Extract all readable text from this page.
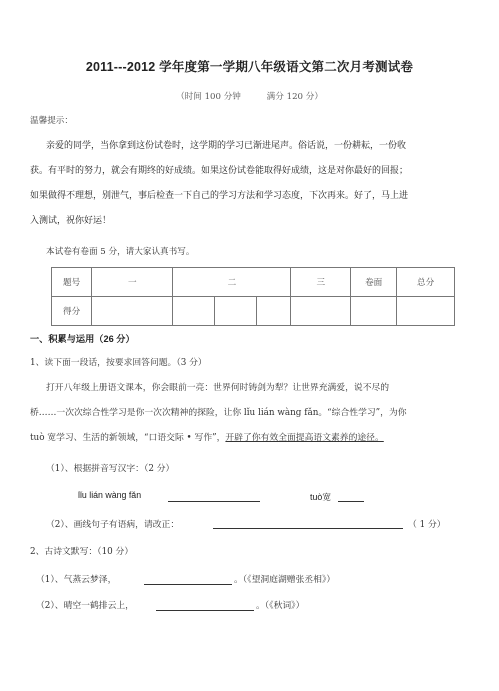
2011---2012 学年度第一学期八年级语文第二次月考测试卷
（时间 100 分钟　　　满分 120 分）
温馨提示：
亲爱的同学，当你拿到这份试卷时，这学期的学习已渐进尾声。俗话说，一份耕耘，一份收
获。有平时的努力，就会有期终的好成绩。如果这份试卷能取得好成绩，这是对你最好的回报；
如果做得不理想，别泄气，事后检查一下自己的学习方法和学习态度，下次再来。好了，马上进
入测试，祝你好运！
本试卷有卷面 5 分，请大家认真书写。
题号	一	二			三	卷面	总分
得分							
一、积累与运用（26 分）
1、读下面一段话，按要求回答问题。（3 分）
打开八年级上册语文课本，你会眼前一亮：世界何时铸剑为犁？让世界充满爱，说不尽的
桥……一次次综合性学习是你一次次精神的探险，让你 lǐu lián wàng fǎn。“综合性学习”，为你
tuò 宽学习、生活的新领域，“口语交际 • 写作”，开辟了你有效全面提高语文素养的途径。
（1）、根据拼音写汉字：（2 分）
lǐu lián wàng fǎn	tuò宽
（2）、画线句子有语病，请改正：	（ 1 分）
2、古诗文默写：（10 分）
（1）、气蒸云梦泽，	。（《望洞庭湖赠张丞相》）
（2）、晴空一鹤排云上，	。（《秋词》）
